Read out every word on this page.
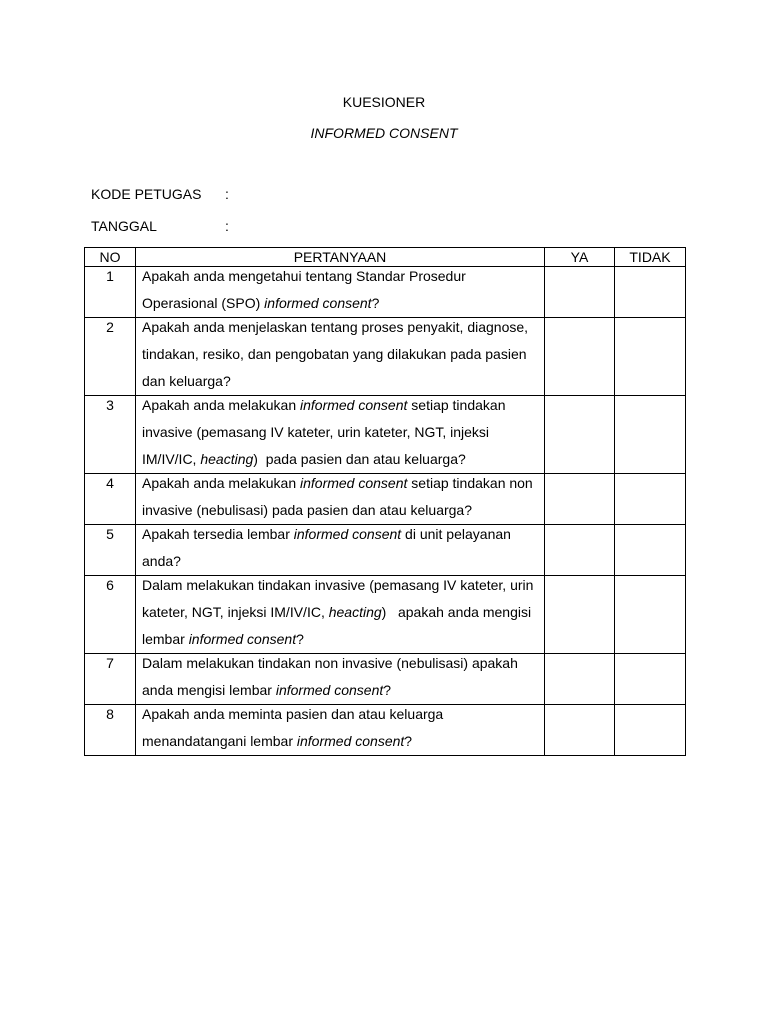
KUESIONER
INFORMED CONSENT
KODE PETUGAS :
TANGGAL	:
NO	PERTANYAAN	YA	TIDAK
1	Apakah anda mengetahui tentang Standar Prosedur Operasional (SPO) informed consent?		

2	Apakah anda menjelaskan tentang proses penyakit, diagnose, tindakan, resiko, dan pengobatan yang dilakukan pada pasien dan keluarga?		

3	Apakah anda melakukan informed consent setiap tindakan invasive (pemasang IV kateter, urin kateter, NGT, injeksi IM/IV/IC, heacting)  pada pasien dan atau keluarga?		

4	Apakah anda melakukan informed consent setiap tindakan non invasive (nebulisasi) pada pasien dan atau keluarga?		

5	Apakah tersedia lembar informed consent di unit pelayanan anda?		

6	Dalam melakukan tindakan invasive (pemasang IV kateter, urin kateter, NGT, injeksi IM/IV/IC, heacting)   apakah anda mengisi lembar informed consent?		

7	Dalam melakukan tindakan non invasive (nebulisasi) apakah anda mengisi lembar informed consent?		

8	Apakah anda meminta pasien dan atau keluarga menandatangani lembar informed consent?		
